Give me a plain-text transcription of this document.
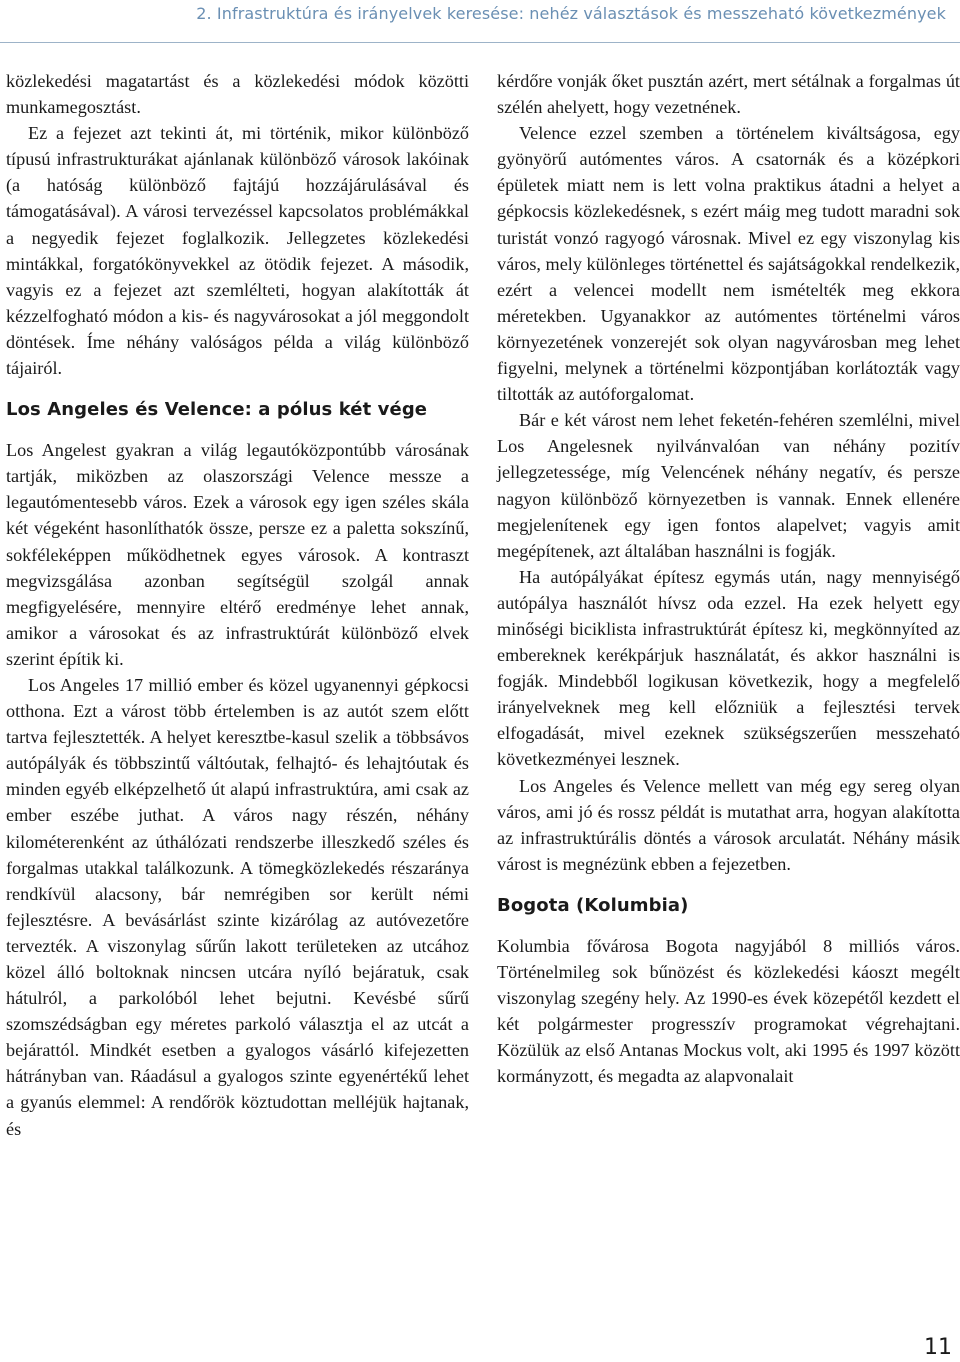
2. Infrastruktúra és irányelvek keresése: nehéz választások és messzeható következmények

közlekedési magatartást és a közlekedési módok közötti munkamegosztást.

Ez a fejezet azt tekinti át, mi történik, mikor különböző típusú infrastrukturákat ajánlanak különböző városok lakóinak (a hatóság különböző fajtájú hozzájárulásával és támogatásával). A városi tervezéssel kapcsolatos problémákkal a negyedik fejezet foglalkozik. Jellegzetes közlekedési mintákkal, forgatókönyvekkel az ötödik fejezet. A második, vagyis ez a fejezet azt szemlélteti, hogyan alakították át kézzelfogható módon a kis- és nagyvárosokat a jól meggondolt döntések. Íme néhány valóságos példa a világ különböző tájairól.

Los Angeles és Velence: a pólus két vége

Los Angelest gyakran a világ legautóközpontúbb városának tartják, miközben az olaszországi Velence messze a legautómentesebb város. Ezek a városok egy igen széles skála két végeként hasonlíthatók össze, persze ez a paletta sokszínű, sokféleképpen működhetnek egyes városok. A kontraszt megvizsgálása azonban segítségül szolgál annak megfigyelésére, mennyire eltérő eredménye lehet annak, amikor a városokat és az infrastruktúrát különböző elvek szerint építik ki.

Los Angeles 17 millió ember és közel ugyanennyi gépkocsi otthona. Ezt a várost több értelemben is az autót szem előtt tartva fejlesztették. A helyet keresztbe-kasul szelik a többsávos autópályák és többszintű váltóutak, felhajtó- és lehajtóutak és minden egyéb elképzelhető út alapú infrastruktúra, ami csak az ember eszébe juthat. A város nagy részén, néhány kilométerenként az úthálózati rendszerbe illeszkedő széles és forgalmas utakkal találkozunk. A tömegközlekedés részaránya rendkívül alacsony, bár nemrégiben sor került némi fejlesztésre. A bevásárlást szinte kizárólag az autóvezetőre tervezték. A viszonylag sűrűn lakott területeken az utcához közel álló boltoknak nincsen utcára nyíló bejáratuk, csak hátulról, a parkolóból lehet bejutni. Kevésbé sűrű szomszédságban egy méretes parkoló választja el az utcát a bejárattól. Mindkét esetben a gyalogos vásárló kifejezetten hátrányban van. Ráadásul a gyalogos szinte egyenértékű lehet a gyanús elemmel: A rendőrök köztudottan melléjük hajtanak, és

kérdőre vonják őket pusztán azért, mert sétálnak a forgalmas út szélén ahelyett, hogy vezetnének.

Velence ezzel szemben a történelem kiváltságosa, egy gyönyörű autómentes város. A csatornák és a középkori épületek miatt nem is lett volna praktikus átadni a helyet a gépkocsis közlekedésnek, s ezért máig meg tudott maradni sok turistát vonzó ragyogó városnak. Mivel ez egy viszonylag kis város, mely különleges történettel és sajátságokkal rendelkezik, ezért a velencei modellt nem ismételték meg ekkora méretekben. Ugyanakkor az autómentes történelmi város környezetének vonzerejét sok olyan nagyvárosban meg lehet figyelni, melynek a történelmi központjában korlátozták vagy tiltották az autóforgalomat.

Bár e két várost nem lehet feketén-fehéren szemlélni, mivel Los Angelesnek nyilvánvalóan van néhány pozitív jellegzetessége, míg Velencének néhány negatív, és persze nagyon különböző környezetben is vannak. Ennek ellenére megjelenítenek egy igen fontos alapelvet; vagyis amit megépítenek, azt általában használni is fogják.

Ha autópályákat építesz egymás után, nagy mennyiségő autópálya használót hívsz oda ezzel. Ha ezek helyett egy minőségi biciklista infrastruktúrát építesz ki, megkönnyíted az embereknek kerékpárjuk használatát, és akkor használni is fogják. Mindebből logikusan következik, hogy a megfelelő irányelveknek meg kell előzniük a fejlesztési tervek elfogadását, mivel ezeknek szükségszerűen messzeható következményei lesznek.

Los Angeles és Velence mellett van még egy sereg olyan város, ami jó és rossz példát is mutathat arra, hogyan alakította az infrastruktúrális döntés a városok arculatát. Néhány másik várost is megnézünk ebben a fejezetben.

Bogota (Kolumbia)

Kolumbia fővárosa Bogota nagyjából 8 milliós város. Történelmileg sok bűnözést és közlekedési káoszt megélt viszonylag szegény hely. Az 1990-es évek közepétől kezdett el két polgármester progresszív programokat végrehajtani. Közülük az első Antanas Mockus volt, aki 1995 és 1997 között kormányzott, és megadta az alapvonalait

11
